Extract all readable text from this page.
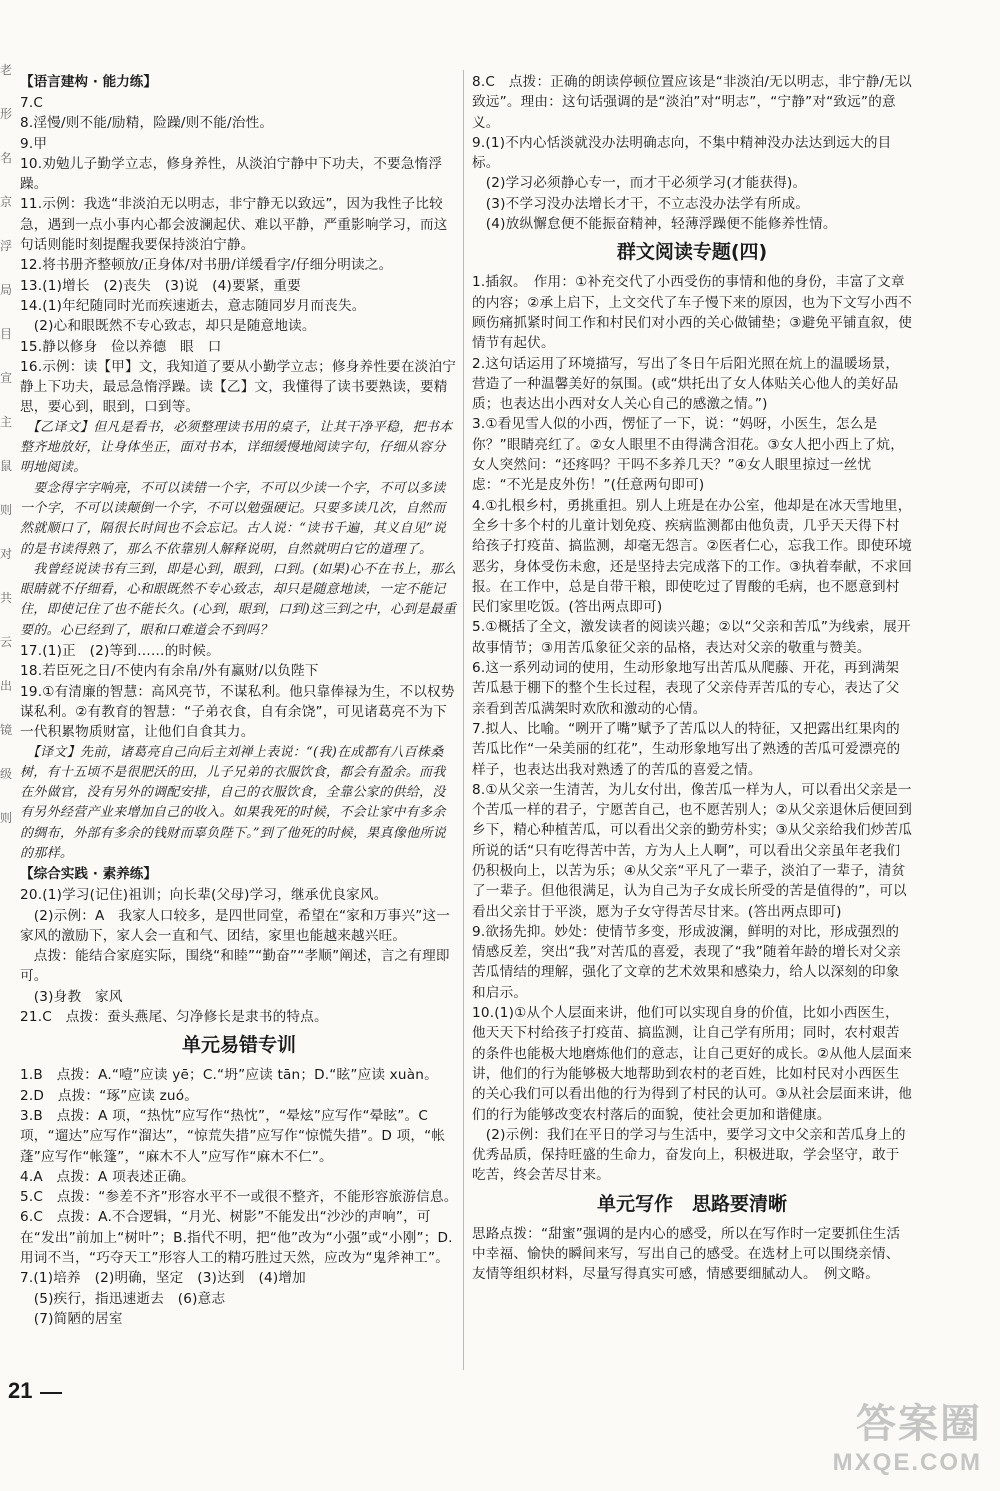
老
形
名
京
浮
局
目
宣
主
鼠
则
对
共
云
出
镜
级
则

【语言建构 · 能力练】

7.C

8.淫慢/则不能/励精，险躁/则不能/治性。

9.甲

10.劝勉儿子勤学立志，修身养性，从淡泊宁静中下功夫，不要急惰浮躁。

11.示例：我选“非淡泊无以明志，非宁静无以致远”，因为我性子比较急，遇到一点小事内心都会波澜起伏、难以平静，严重影响学习，而这句话则能时刻提醒我要保持淡泊宁静。

12.将书册齐整顿放/正身体/对书册/详缓看字/仔细分明读之。

13.(1)增长　(2)丧失　(3)说　(4)要紧，重要

14.(1)年纪随同时光而疾速逝去，意志随同岁月而丧失。

　(2)心和眼既然不专心致志，却只是随意地读。

15.静以修身　俭以养德　眼　口

16.示例：读【甲】文，我知道了要从小勤学立志；修身养性要在淡泊宁静上下功夫，最忌急惰浮躁。读【乙】文，我懂得了读书要熟读，要精思，要心到，眼到，口到等。

　【乙译文】但凡是看书，必须整理读书用的桌子，让其干净平稳，把书本整齐地放好，让身体坐正，面对书本，详细缓慢地阅读字句，仔细从容分明地阅读。

　要念得字字响亮，不可以读错一个字，不可以少读一个字，不可以多读一个字，不可以读颠倒一个字，不可以勉强硬记。只要多读几次，自然而然就顺口了，隔很长时间也不会忘记。古人说：“读书千遍，其义自见”说的是书读得熟了，那么不依靠别人解释说明，自然就明白它的道理了。

　我曾经说读书有三到，即是心到，眼到，口到。(如果)心不在书上，那么眼睛就不仔细看，心和眼既然不专心致志，却只是随意地读，一定不能记住，即使记住了也不能长久。(心到，眼到，口到)这三到之中，心到是最重要的。心已经到了，眼和口难道会不到吗？

17.(1)正　(2)等到……的时候。

18.若臣死之日/不使内有余帛/外有赢财/以负陛下

19.①有清廉的智慧：高风亮节，不谋私利。他只靠俸禄为生，不以权势谋私利。②有教育的智慧：“子弟衣食，自有余饶”，可见诸葛亮不为下一代积累物质财富，让他们自食其力。

　【译文】先前，诸葛亮自己向后主刘禅上表说：“(我)在成都有八百株桑树，有十五顷不是很肥沃的田，儿子兄弟的衣服饮食，都会有盈余。而我在外做官，没有另外的调配安排，自己的衣服饮食，全靠公家的供给，没有另外经营产业来增加自己的收入。如果我死的时候，不会让家中有多余的绸布，外部有多余的钱财而辜负陛下。”到了他死的时候，果真像他所说的那样。

【综合实践 · 素养练】

20.(1)学习(记住)祖训；向长辈(父母)学习，继承优良家风。

　(2)示例：A　我家人口较多，是四世同堂，希望在“家和万事兴”这一家风的激励下，家人会一直和气、团结，家里也能越来越兴旺。

　点拨：能结合家庭实际，围绕“和睦”“勤奋”“孝顺”阐述，言之有理即可。

　(3)身教　家风

21.C　点拨：蚕头燕尾、匀净修长是隶书的特点。

单元易错专训

1.B　点拨：A.“噎”应读 yē；C.“坍”应读 tān；D.“眩”应读 xuàn。

2.D　点拨：“琢”应读 zuó。

3.B　点拨：A 项，“热忱”应写作“热忱”，“晕炫”应写作“晕眩”。C 项，“遛达”应写作“溜达”，“惊荒失措”应写作“惊慌失措”。D 项，“帐蓬”应写作“帐篷”，“麻木不人”应写作“麻木不仁”。

4.A　点拨：A 项表述正确。

5.C　点拨：“参差不齐”形容水平不一或很不整齐，不能形容旅游信息。

6.C　点拨：A.不合逻辑，“月光、树影”不能发出“沙沙的声响”，可在“发出”前加上“树叶”；B.指代不明，把“他”改为“小强”或“小刚”；D.用词不当，“巧夺天工”形容人工的精巧胜过天然，应改为“鬼斧神工”。

7.(1)培养　(2)明确，坚定　(3)达到　(4)增加

　(5)疾行，指迅速逝去　(6)意志

　(7)简陋的居室

8.C　点拨：正确的朗读停顿位置应该是“非淡泊/无以明志，非宁静/无以致远”。理由：这句话强调的是“淡泊”对“明志”，“宁静”对“致远”的意义。

9.(1)不内心恬淡就没办法明确志向，不集中精神没办法达到远大的目标。

　(2)学习必须静心专一，而才干必须学习(才能获得)。

　(3)不学习没办法增长才干，不立志没办法学有所成。

　(4)放纵懈怠便不能振奋精神，轻薄浮躁便不能修养性情。

群文阅读专题(四)

1.插叙。　作用：①补充交代了小西受伤的事情和他的身份，丰富了文章的内容；②承上启下，上文交代了车子慢下来的原因，也为下文写小西不顾伤痛抓紧时间工作和村民们对小西的关心做铺垫；③避免平铺直叙，使情节有起伏。

2.这句话运用了环境描写，写出了冬日午后阳光照在炕上的温暖场景，营造了一种温馨美好的氛围。(或“烘托出了女人体贴关心他人的美好品质；也表达出小西对女人关心自己的感激之情。”)

3.①看见雪人似的小西，愣怔了一下，说：“妈呀，小医生，怎么是你？”眼睛亮红了。②女人眼里不由得满含泪花。③女人把小西上了炕，女人突然问：“还疼吗？干吗不多养几天？”④女人眼里掠过一丝忧虑：“不光是皮外伤！”(任意两句即可)

4.①扎根乡村，勇挑重担。别人上班是在办公室，他却是在冰天雪地里，全乡十多个村的儿童计划免疫、疾病监测都由他负责，几乎天天得下村给孩子打疫苗、搞监测，却毫无怨言。②医者仁心，忘我工作。即使环境恶劣，身体受伤未愈，还是坚持去完成落下的工作。③执着奉献，不求回报。在工作中，总是自带干粮，即使吃过了胃酸的毛病，也不愿意到村民们家里吃饭。(答出两点即可)

5.①概括了全文，激发读者的阅读兴趣；②以“父亲和苦瓜”为线索，展开故事情节；③用苦瓜象征父亲的品格，表达对父亲的敬重与赞美。

6.这一系列动词的使用，生动形象地写出苦瓜从爬藤、开花，再到满架苦瓜悬于棚下的整个生长过程，表现了父亲侍弄苦瓜的专心，表达了父亲看到苦瓜满架时欢欣和激动的心情。

7.拟人、比喻。“咧开了嘴”赋予了苦瓜以人的特征，又把露出红果肉的苦瓜比作“一朵美丽的红花”，生动形象地写出了熟透的苦瓜可爱漂亮的样子，也表达出我对熟透了的苦瓜的喜爱之情。

8.①从父亲一生清苦，为儿女付出，像苦瓜一样为人，可以看出父亲是一个苦瓜一样的君子，宁愿苦自己，也不愿苦别人；②从父亲退休后便回到乡下，精心种植苦瓜，可以看出父亲的勤劳朴实；③从父亲给我们炒苦瓜所说的话“只有吃得苦中苦，方为人上人啊”，可以看出父亲虽年老我们仍积极向上，以苦为乐；④从父亲“平凡了一辈子，淡泊了一辈子，清贫了一辈子。但他很满足，认为自己为子女成长所受的苦是值得的”，可以看出父亲甘于平淡，愿为子女守得苦尽甘来。(答出两点即可)

9.欲扬先抑。妙处：使情节多变，形成波澜，鲜明的对比，形成强烈的情感反差，突出“我”对苦瓜的喜爱，表现了“我”随着年龄的增长对父亲苦瓜情结的理解，强化了文章的艺术效果和感染力，给人以深刻的印象和启示。

10.(1)①从个人层面来讲，他们可以实现自身的价值，比如小西医生，他天天下村给孩子打疫苗、搞监测，让自己学有所用；同时，农村艰苦的条件也能极大地磨炼他们的意志，让自己更好的成长。②从他人层面来讲，他们的行为能够极大地帮助到农村的老百姓，比如村民对小西医生的关心我们可以看出他的行为得到了村民的认可。③从社会层面来讲，他们的行为能够改变农村落后的面貌，使社会更加和谐健康。

　(2)示例：我们在平日的学习与生活中，要学习文中父亲和苦瓜身上的优秀品质，保持旺盛的生命力，奋发向上，积极进取，学会坚守，敢于吃苦，终会苦尽甘来。

单元写作　思路要清晰

思路点拨：“甜蜜”强调的是内心的感受，所以在写作时一定要抓住生活中幸福、愉快的瞬间来写，写出自己的感受。在选材上可以围绕亲情、友情等组织材料，尽量写得真实可感，情感要细腻动人。　例文略。

21
答案圈
MXQE.COM
